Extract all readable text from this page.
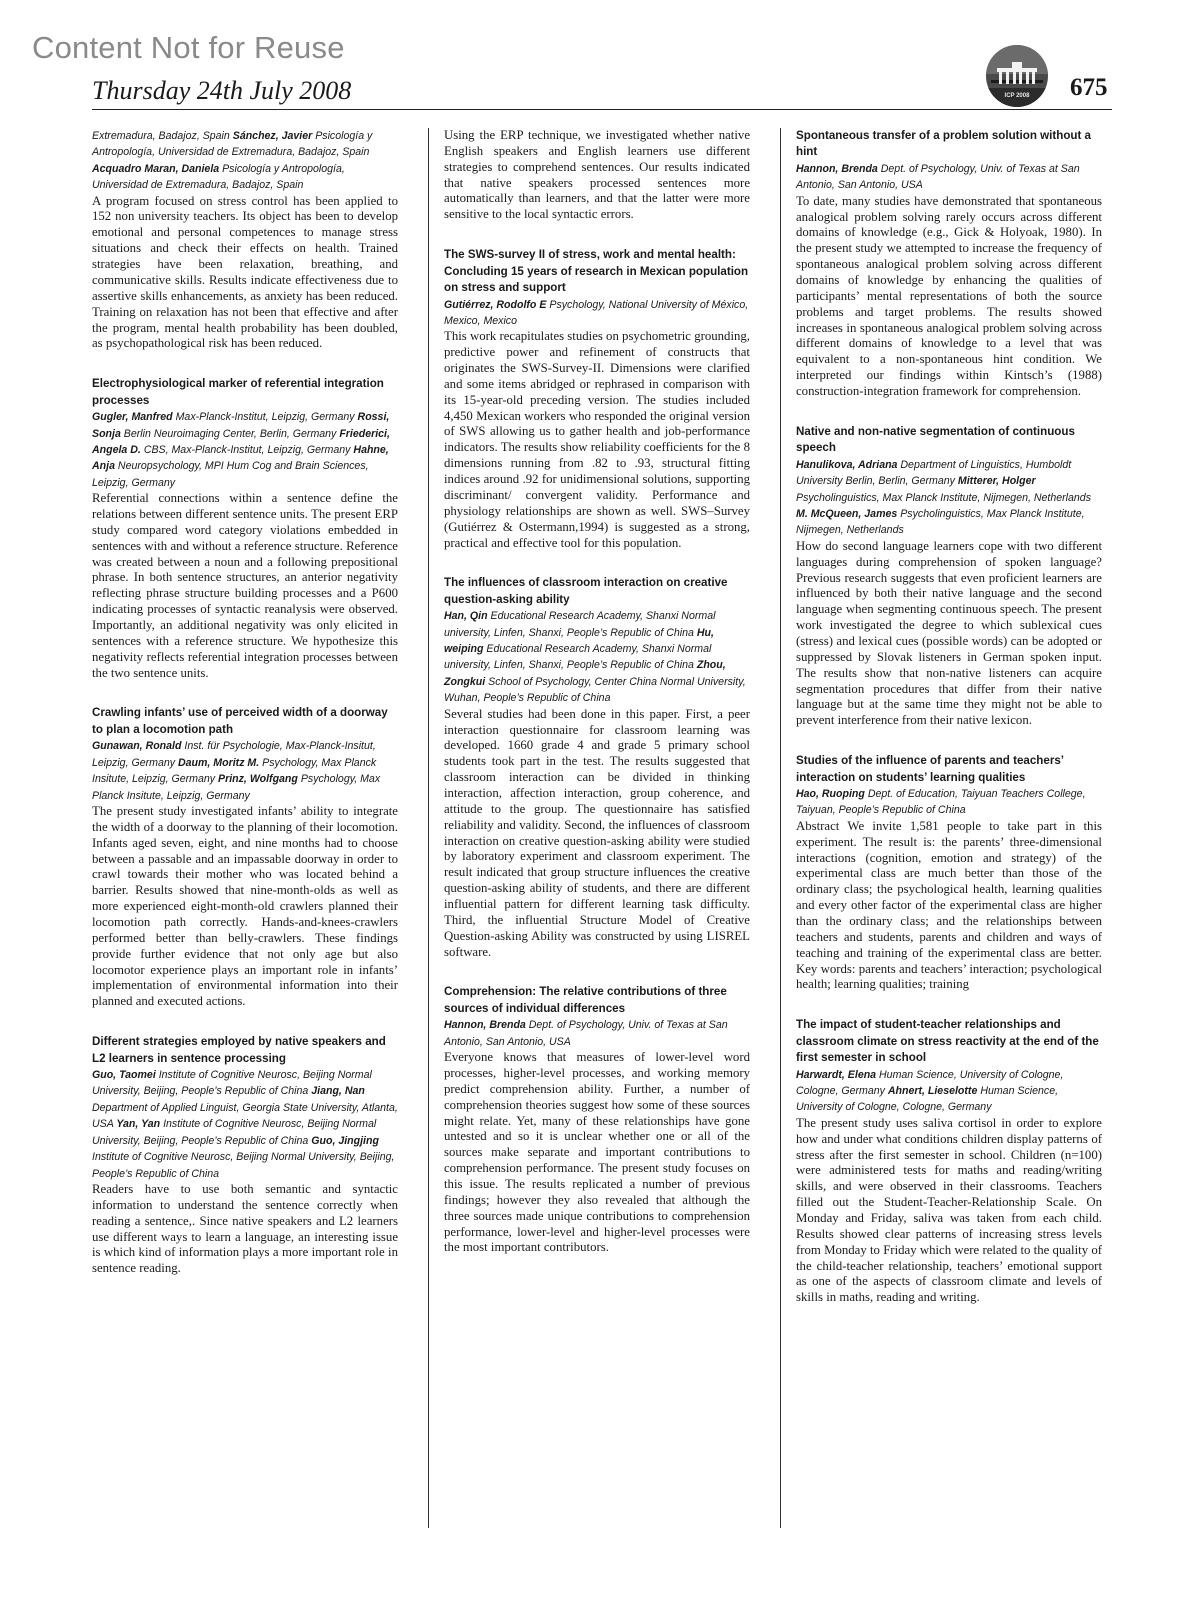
Content Not for Reuse
Thursday 24th July 2008	ICP 2008 675
Extremadura, Badajoz, Spain Sánchez, Javier Psicología y Antropología, Universidad de Extremadura, Badajoz, Spain Acquadro Maran, Daniela Psicología y Antropología, Universidad de Extremadura, Badajoz, Spain

A program focused on stress control has been applied to 152 non university teachers. Its object has been to develop emotional and personal competences to manage stress situations and check their effects on health. Trained strategies have been relaxation, breathing, and communicative skills. Results indicate effectiveness due to assertive skills enhancements, as anxiety has been reduced. Training on relaxation has not been that effective and after the program, mental health probability has been doubled, as psychopathological risk has been reduced.

Electrophysiological marker of referential integration processes
Gugler, Manfred Max-Planck-Institut, Leipzig, Germany Rossi, Sonja Berlin Neuroimaging Center, Berlin, Germany Friederici, Angela D. CBS, Max-Planck-Institut, Leipzig, Germany Hahne, Anja Neuropsychology, MPI Hum Cog and Brain Sciences, Leipzig, Germany

Referential connections within a sentence define the relations between different sentence units. The present ERP study compared word category violations embedded in sentences with and without a reference structure. Reference was created between a noun and a following prepositional phrase. In both sentence structures, an anterior negativity reflecting phrase structure building processes and a P600 indicating processes of syntactic reanalysis were observed. Importantly, an additional negativity was only elicited in sentences with a reference structure. We hypothesize this negativity reflects referential integration processes between the two sentence units.

Crawling infants’ use of perceived width of a doorway to plan a locomotion path
Gunawan, Ronald Inst. für Psychologie, Max-Planck-Insitut, Leipzig, Germany Daum, Moritz M. Psychology, Max Planck Insitute, Leipzig, Germany Prinz, Wolfgang Psychology, Max Planck Insitute, Leipzig, Germany

The present study investigated infants’ ability to integrate the width of a doorway to the planning of their locomotion. Infants aged seven, eight, and nine months had to choose between a passable and an impassable doorway in order to crawl towards their mother who was located behind a barrier. Results showed that nine-month-olds as well as more experienced eight-month-old crawlers planned their locomotion path correctly. Hands-and-knees-crawlers performed better than belly-crawlers. These findings provide further evidence that not only age but also locomotor experience plays an important role in infants’ implementation of environmental information into their planned and executed actions.

Different strategies employed by native speakers and L2 learners in sentence processing
Guo, Taomei Institute of Cognitive Neurosc, Beijing Normal University, Beijing, People’s Republic of China Jiang, Nan Department of Applied Linguist, Georgia State University, Atlanta, USA Yan, Yan Institute of Cognitive Neurosc, Beijing Normal University, Beijing, People’s Republic of China Guo, Jingjing Institute of Cognitive Neurosc, Beijing Normal University, Beijing, People’s Republic of China

Readers have to use both semantic and syntactic information to understand the sentence correctly when reading a sentence,. Since native speakers and L2 learners use different ways to learn a language, an interesting issue is which kind of information plays a more important role in sentence reading.

Using the ERP technique, we investigated whether native English speakers and English learners use different strategies to comprehend sentences. Our results indicated that native speakers processed sentences more automatically than learners, and that the latter were more sensitive to the local syntactic errors.

The SWS-survey II of stress, work and mental health: Concluding 15 years of research in Mexican population on stress and support
Gutiérrez, Rodolfo E Psychology, National University of México, Mexico, Mexico

This work recapitulates studies on psychometric grounding, predictive power and refinement of constructs that originates the SWS-Survey-II. Dimensions were clarified and some items abridged or rephrased in comparison with its 15-year-old preceding version. The studies included 4,450 Mexican workers who responded the original version of SWS allowing us to gather health and job-performance indicators. The results show reliability coefficients for the 8 dimensions running from .82 to .93, structural fitting indices around .92 for unidimensional solutions, supporting discriminant/ convergent validity. Performance and physiology relationships are shown as well. SWS–Survey (Gutiérrez & Ostermann,1994) is suggested as a strong, practical and effective tool for this population.

The influences of classroom interaction on creative question-asking ability
Han, Qin Educational Research Academy, Shanxi Normal university, Linfen, Shanxi, People’s Republic of China Hu, weiping Educational Research Academy, Shanxi Normal university, Linfen, Shanxi, People’s Republic of China Zhou, Zongkui School of Psychology, Center China Normal University, Wuhan, People’s Republic of China

Several studies had been done in this paper. First, a peer interaction questionnaire for classroom learning was developed. 1660 grade 4 and grade 5 primary school students took part in the test. The results suggested that classroom interaction can be divided in thinking interaction, affection interaction, group coherence, and attitude to the group. The questionnaire has satisfied reliability and validity. Second, the influences of classroom interaction on creative question-asking ability were studied by laboratory experiment and classroom experiment. The result indicated that group structure influences the creative question-asking ability of students, and there are different influential pattern for different learning task difficulty. Third, the influential Structure Model of Creative Question-asking Ability was constructed by using LISREL software.

Comprehension: The relative contributions of three sources of individual differences
Hannon, Brenda Dept. of Psychology, Univ. of Texas at San Antonio, San Antonio, USA

Everyone knows that measures of lower-level word processes, higher-level processes, and working memory predict comprehension ability. Further, a number of comprehension theories suggest how some of these sources might relate. Yet, many of these relationships have gone untested and so it is unclear whether one or all of the sources make separate and important contributions to comprehension performance. The present study focuses on this issue. The results replicated a number of previous findings; however they also revealed that although the three sources made unique contributions to comprehension performance, lower-level and higher-level processes were the most important contributors.

Spontaneous transfer of a problem solution without a hint
Hannon, Brenda Dept. of Psychology, Univ. of Texas at San Antonio, San Antonio, USA

To date, many studies have demonstrated that spontaneous analogical problem solving rarely occurs across different domains of knowledge (e.g., Gick & Holyoak, 1980). In the present study we attempted to increase the frequency of spontaneous analogical problem solving across different domains of knowledge by enhancing the qualities of participants’ mental representations of both the source problems and target problems. The results showed increases in spontaneous analogical problem solving across different domains of knowledge to a level that was equivalent to a non-spontaneous hint condition. We interpreted our findings within Kintsch’s (1988) construction-integration framework for comprehension.

Native and non-native segmentation of continuous speech
Hanulikova, Adriana Department of Linguistics, Humboldt University Berlin, Berlin, Germany Mitterer, Holger Psycholinguistics, Max Planck Institute, Nijmegen, Netherlands M. McQueen, James Psycholinguistics, Max Planck Institute, Nijmegen, Netherlands

How do second language learners cope with two different languages during comprehension of spoken language? Previous research suggests that even proficient learners are influenced by both their native language and the second language when segmenting continuous speech. The present work investigated the degree to which sublexical cues (stress) and lexical cues (possible words) can be adopted or suppressed by Slovak listeners in German spoken input. The results show that non-native listeners can acquire segmentation procedures that differ from their native language but at the same time they might not be able to prevent interference from their native lexicon.

Studies of the influence of parents and teachers’ interaction on students’ learning qualities
Hao, Ruoping Dept. of Education, Taiyuan Teachers College, Taiyuan, People’s Republic of China

Abstract We invite 1,581 people to take part in this experiment. The result is: the parents’ three-dimensional interactions (cognition, emotion and strategy) of the experimental class are much better than those of the ordinary class; the psychological health, learning qualities and every other factor of the experimental class are higher than the ordinary class; and the relationships between teachers and students, parents and children and ways of teaching and training of the experimental class are better. Key words: parents and teachers’ interaction; psychological health; learning qualities; training

The impact of student-teacher relationships and classroom climate on stress reactivity at the end of the first semester in school
Harwardt, Elena Human Science, University of Cologne, Cologne, Germany Ahnert, Lieselotte Human Science, University of Cologne, Cologne, Germany

The present study uses saliva cortisol in order to explore how and under what conditions children display patterns of stress after the first semester in school. Children (n=100) were administered tests for maths and reading/writing skills, and were observed in their classrooms. Teachers filled out the Student-Teacher-Relationship Scale. On Monday and Friday, saliva was taken from each child. Results showed clear patterns of increasing stress levels from Monday to Friday which were related to the quality of the child-teacher relationship, teachers’ emotional support as one of the aspects of classroom climate and levels of skills in maths, reading and writing.
